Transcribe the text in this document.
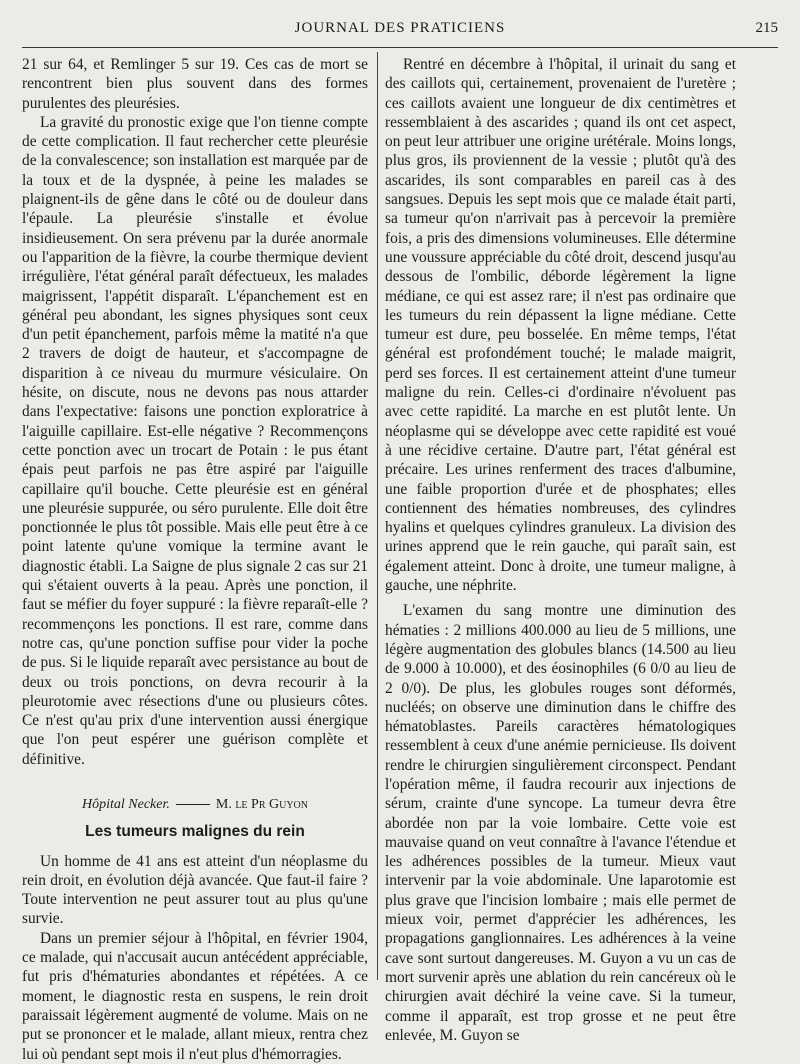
JOURNAL DES PRATICIENS	215

21 sur 64, et Remlinger 5 sur 19. Ces cas de mort se rencontrent bien plus souvent dans des formes purulentes des pleurésies.

La gravité du pronostic exige que l'on tienne compte de cette complication. Il faut rechercher cette pleurésie de la convalescence; son installation est marquée par de la toux et de la dyspnée, à peine les malades se plaignent-ils de gêne dans le côté ou de douleur dans l'épaule. La pleurésie s'installe et évolue insidieusement. On sera prévenu par la durée anormale ou l'apparition de la fièvre, la courbe thermique devient irrégulière, l'état général paraît défectueux, les malades maigrissent, l'appétit disparaît. L'épanchement est en général peu abondant, les signes physiques sont ceux d'un petit épanchement, parfois même la matité n'a que 2 travers de doigt de hauteur, et s'accompagne de disparition à ce niveau du murmure vésiculaire. On hésite, on discute, nous ne devons pas nous attarder dans l'expectative: faisons une ponction exploratrice à l'aiguille capillaire. Est-elle négative ? Recommençons cette ponction avec un trocart de Potain : le pus étant épais peut parfois ne pas être aspiré par l'aiguille capillaire qu'il bouche. Cette pleurésie est en général une pleurésie suppurée, ou séro purulente. Elle doit être ponctionnée le plus tôt possible. Mais elle peut être à ce point latente qu'une vomique la termine avant le diagnostic établi. La Saigne de plus signale 2 cas sur 21 qui s'étaient ouverts à la peau. Après une ponction, il faut se méfier du foyer suppuré : la fièvre reparaît-elle ? recommençons les ponctions. Il est rare, comme dans notre cas, qu'une ponction suffise pour vider la poche de pus. Si le liquide reparaît avec persistance au bout de deux ou trois ponctions, on devra recourir à la pleurotomie avec résections d'une ou plusieurs côtes. Ce n'est qu'au prix d'une intervention aussi énergique que l'on peut espérer une guérison complète et définitive.

Hôpital Necker.	M. le Pr Guyon
Les tumeurs malignes du rein

Un homme de 41 ans est atteint d'un néoplasme du rein droit, en évolution déjà avancée. Que faut-il faire ? Toute intervention ne peut assurer tout au plus qu'une survie.

Dans un premier séjour à l'hôpital, en février 1904, ce malade, qui n'accusait aucun antécédent appréciable, fut pris d'hématuries abondantes et répétées. A ce moment, le diagnostic resta en suspens, le rein droit paraissait légèrement augmenté de volume. Mais on ne put se prononcer et le malade, allant mieux, rentra chez lui où pendant sept mois il n'eut plus d'hémorragies.

Rentré en décembre à l'hôpital, il urinait du sang et des caillots qui, certainement, provenaient de l'uretère ; ces caillots avaient une longueur de dix centimètres et ressemblaient à des ascarides ; quand ils ont cet aspect, on peut leur attribuer une origine urétérale. Moins longs, plus gros, ils proviennent de la vessie ; plutôt qu'à des ascarides, ils sont comparables en pareil cas à des sangsues. Depuis les sept mois que ce malade était parti, sa tumeur qu'on n'arrivait pas à percevoir la première fois, a pris des dimensions volumineuses. Elle détermine une voussure appréciable du côté droit, descend jusqu'au dessous de l'ombilic, déborde légèrement la ligne médiane, ce qui est assez rare; il n'est pas ordinaire que les tumeurs du rein dépassent la ligne médiane. Cette tumeur est dure, peu bosselée. En même temps, l'état général est profondément touché; le malade maigrit, perd ses forces. Il est certainement atteint d'une tumeur maligne du rein. Celles-ci d'ordinaire n'évoluent pas avec cette rapidité. La marche en est plutôt lente. Un néoplasme qui se développe avec cette rapidité est voué à une récidive certaine. D'autre part, l'état général est précaire. Les urines renferment des traces d'albumine, une faible proportion d'urée et de phosphates; elles contiennent des hématies nombreuses, des cylindres hyalins et quelques cylindres granuleux. La division des urines apprend que le rein gauche, qui paraît sain, est également atteint. Donc à droite, une tumeur maligne, à gauche, une néphrite.

L'examen du sang montre une diminution des hématies : 2 millions 400.000 au lieu de 5 millions, une légère augmentation des globules blancs (14.500 au lieu de 9.000 à 10.000), et des éosinophiles (6 0/0 au lieu de 2 0/0). De plus, les globules rouges sont déformés, nucléés; on observe une diminution dans le chiffre des hématoblastes. Pareils caractères hématologiques ressemblent à ceux d'une anémie pernicieuse. Ils doivent rendre le chirurgien singulièrement circonspect. Pendant l'opération même, il faudra recourir aux injections de sérum, crainte d'une syncope. La tumeur devra être abordée non par la voie lombaire. Cette voie est mauvaise quand on veut connaître à l'avance l'étendue et les adhérences possibles de la tumeur. Mieux vaut intervenir par la voie abdominale. Une laparotomie est plus grave que l'incision lombaire ; mais elle permet de mieux voir, permet d'apprécier les adhérences, les propagations ganglionnaires. Les adhérences à la veine cave sont surtout dangereuses. M. Guyon a vu un cas de mort survenir après une ablation du rein cancéreux où le chirurgien avait déchiré la veine cave. Si la tumeur, comme il apparaît, est trop grosse et ne peut être enlevée, M. Guyon se
